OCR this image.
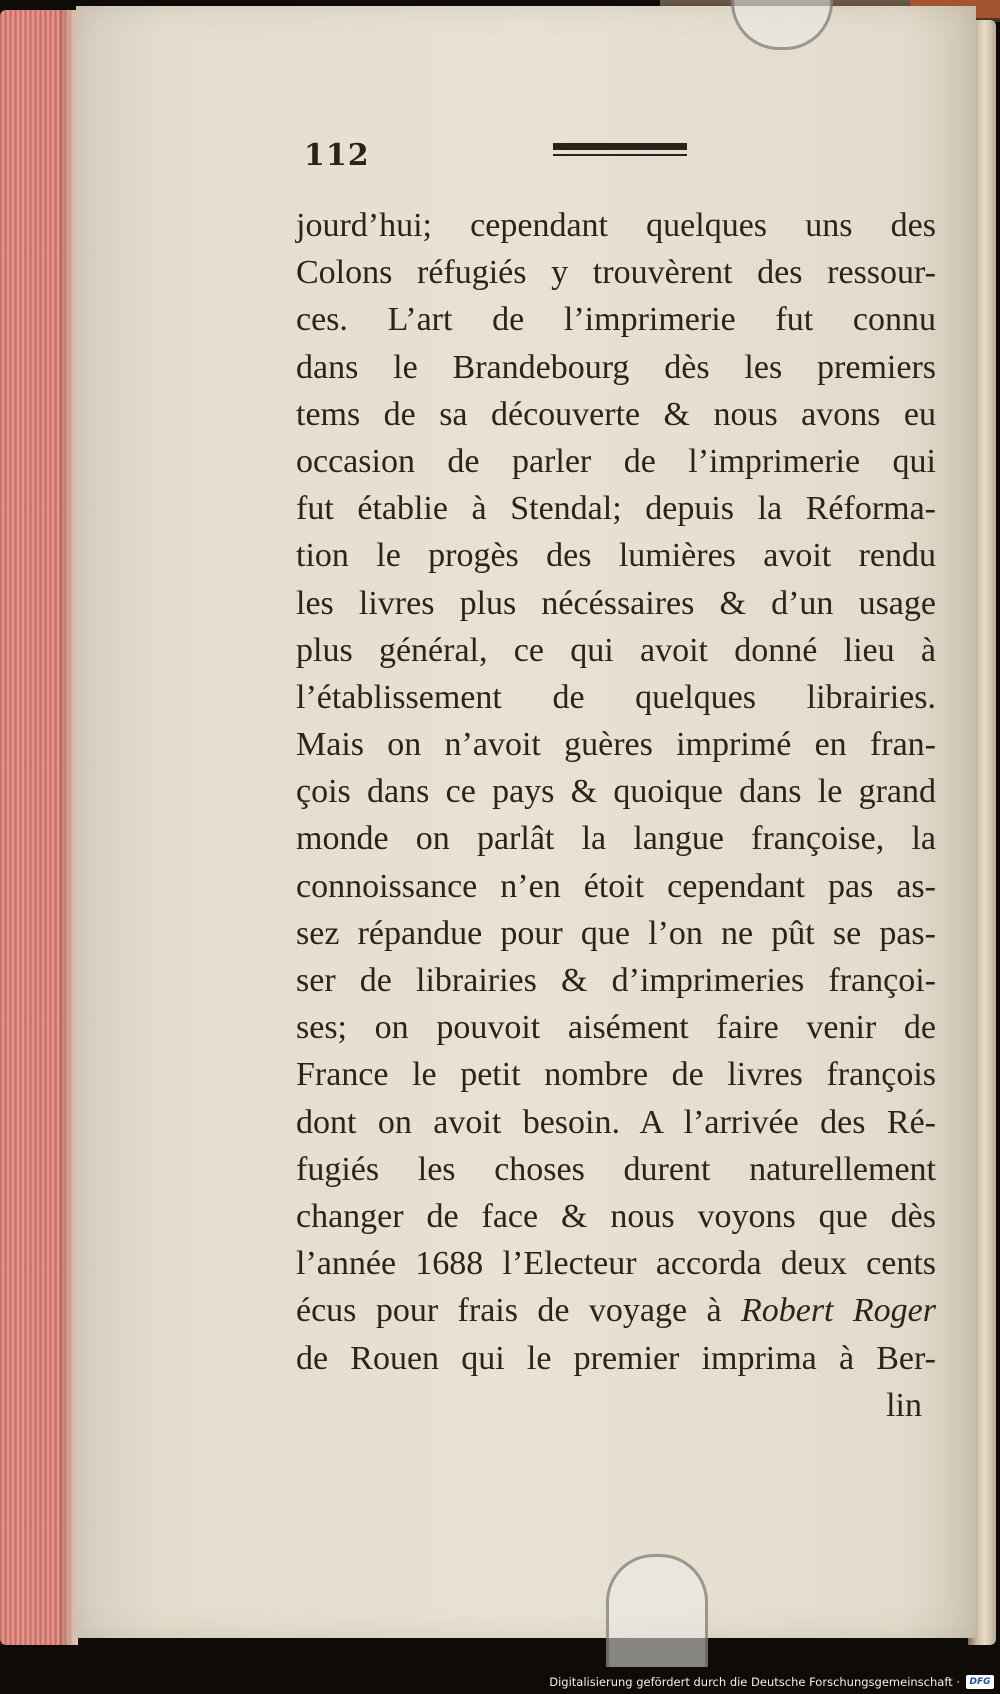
112

jourd’hui; cependant quelques uns des
Colons réfugiés y trouvèrent des ressour-
ces. L’art de l’imprimerie fut connu
dans le Brandebourg dès les premiers
tems de sa découverte & nous avons eu
occasion de parler de l’imprimerie qui
fut établie à Stendal; depuis la Réforma-
tion le progès des lumières avoit rendu
les livres plus nécéssaires & d’un usage
plus général, ce qui avoit donné lieu à
l’établissement de quelques librairies.
Mais on n’avoit guères imprimé en fran-
çois dans ce pays & quoique dans le grand
monde on parlât la langue françoise, la
connoissance n’en étoit cependant pas as-
sez répandue pour que l’on ne pût se pas-
ser de librairies & d’imprimeries françoi-
ses; on pouvoit aisément faire venir de
France le petit nombre de livres françois
dont on avoit besoin. A l’arrivée des Ré-
fugiés les choses durent naturellement
changer de face & nous voyons que dès
l’année 1688 l’Electeur accorda deux cents
écus pour frais de voyage à Robert Roger
de Rouen qui le premier imprima à Ber-
lin

Digitalisierung gefördert durch die Deutsche Forschungsgemeinschaft ·	DFG
